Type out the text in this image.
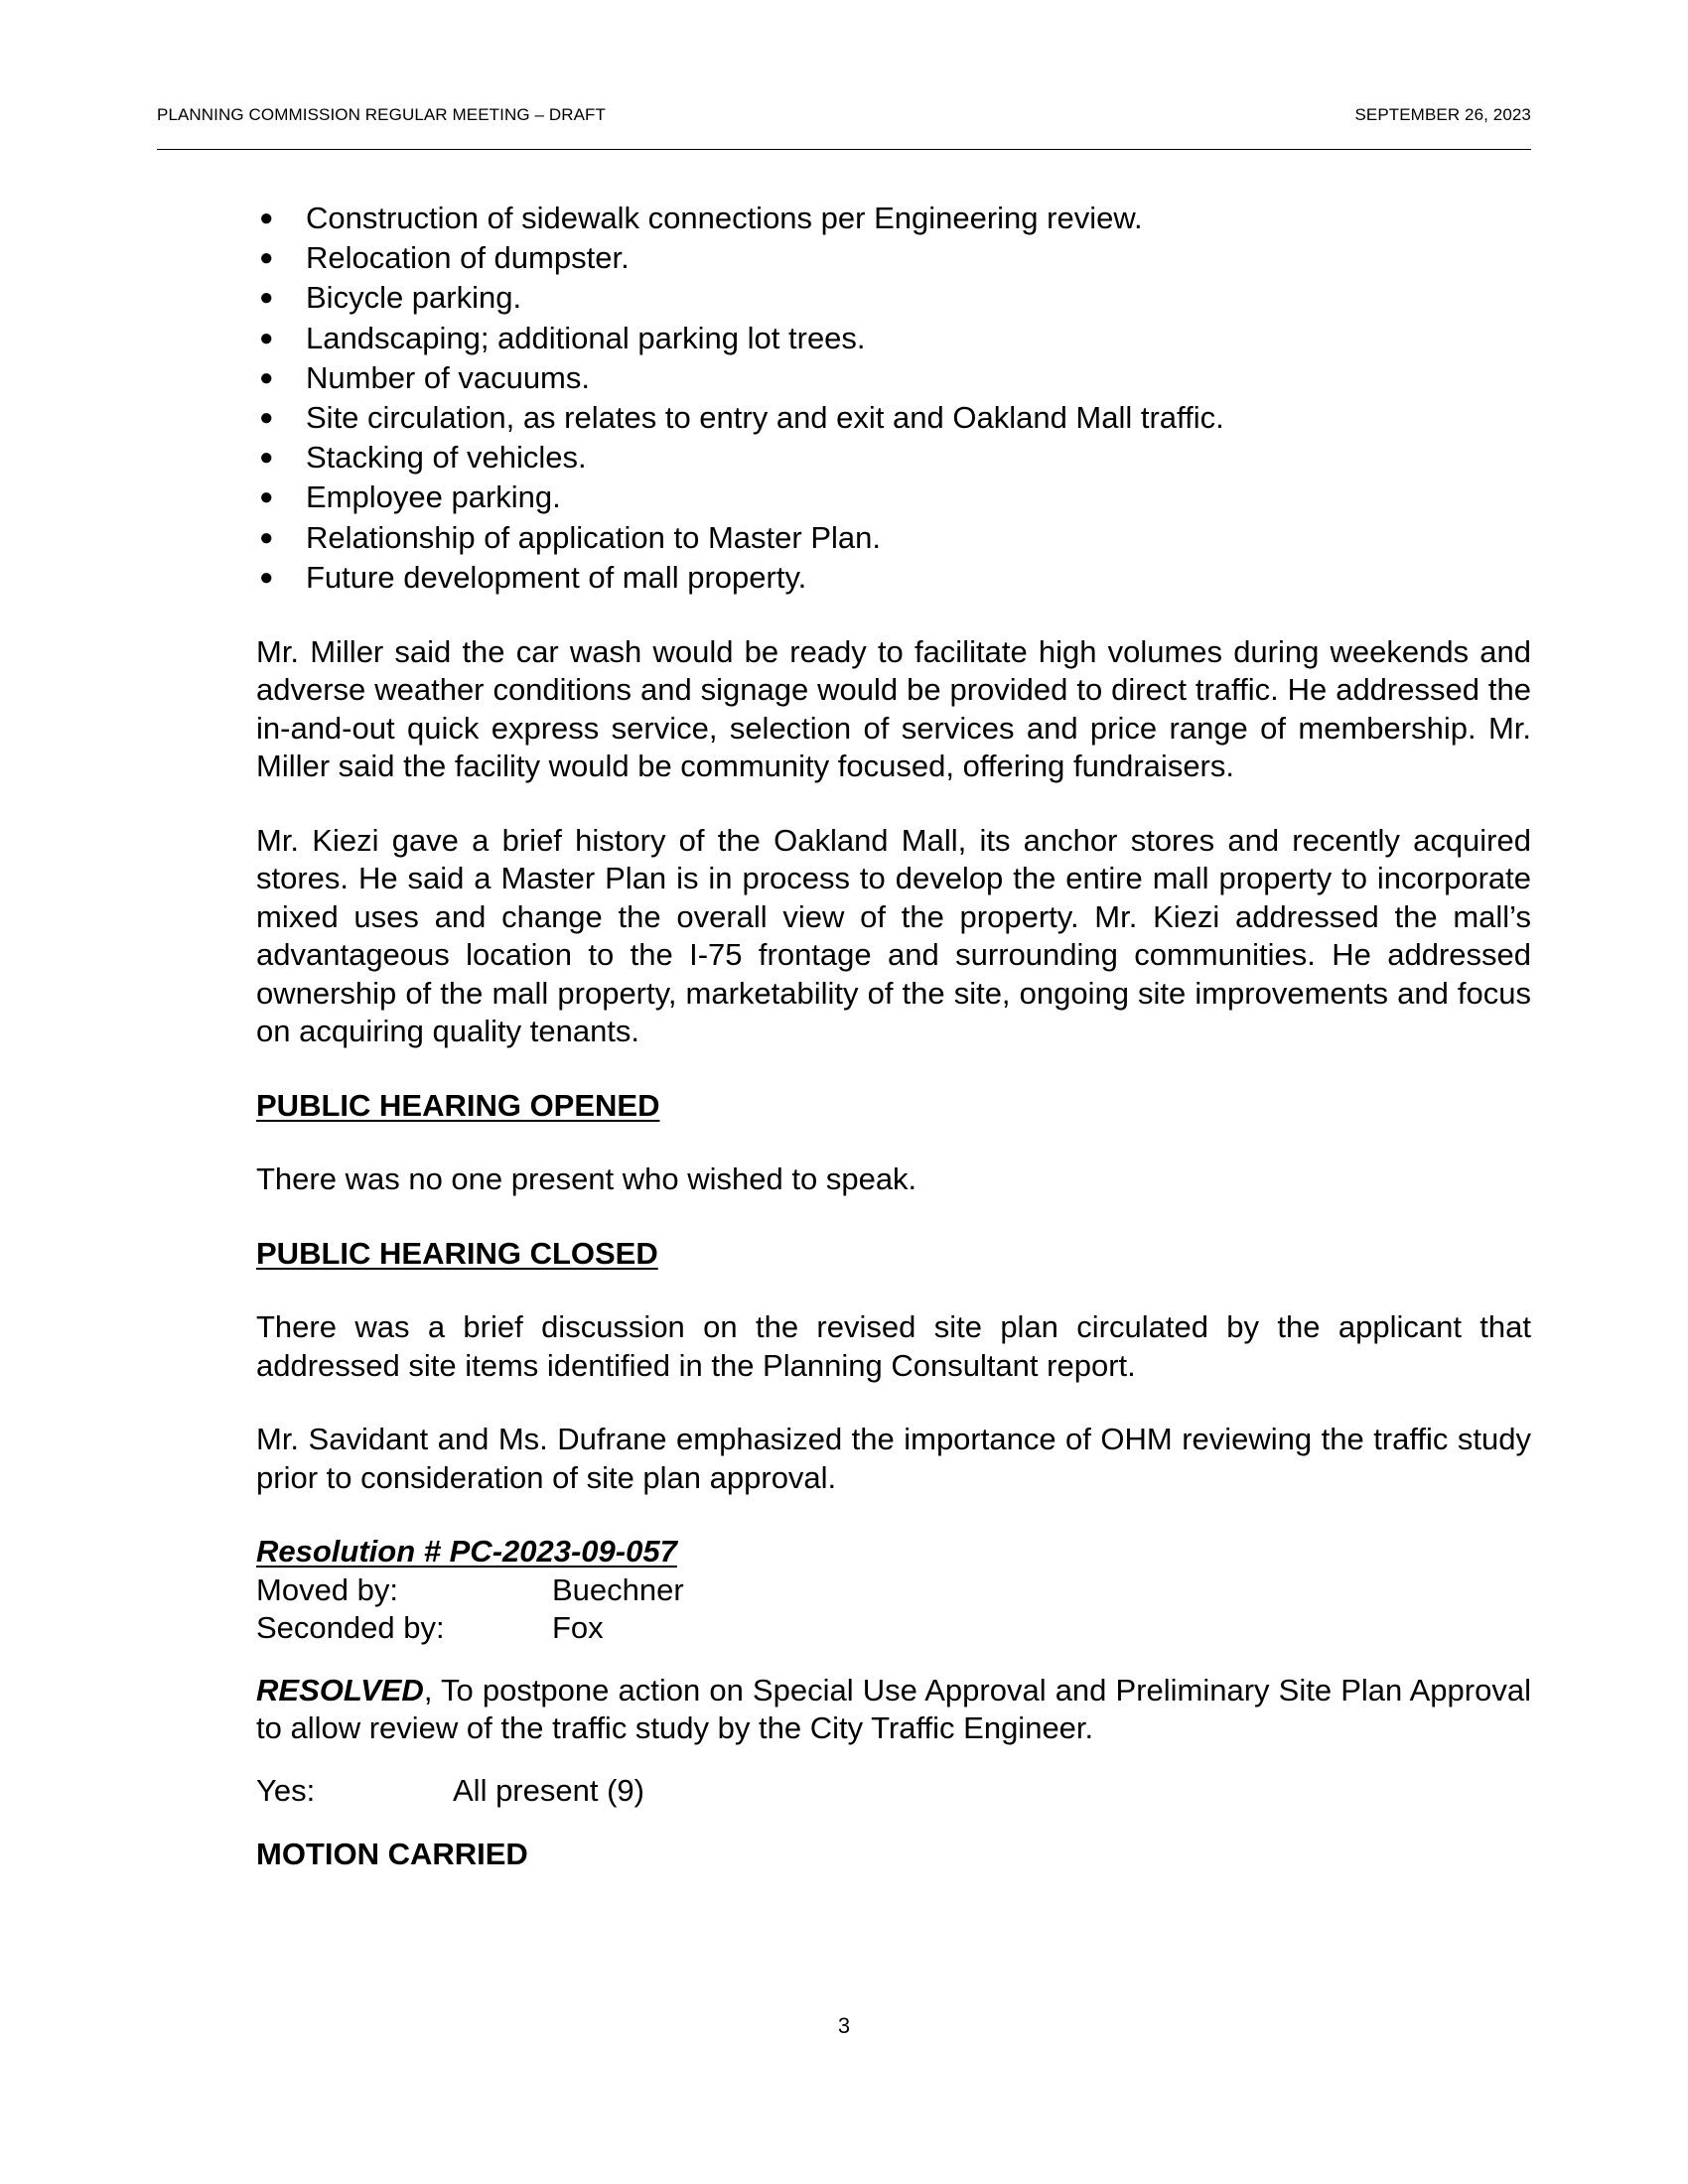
PLANNING COMMISSION REGULAR MEETING – DRAFT	SEPTEMBER 26, 2023
● Construction of sidewalk connections per Engineering review.
● Relocation of dumpster.
● Bicycle parking.
● Landscaping; additional parking lot trees.
● Number of vacuums.
● Site circulation, as relates to entry and exit and Oakland Mall traffic.
● Stacking of vehicles.
● Employee parking.
● Relationship of application to Master Plan.
● Future development of mall property.

Mr. Miller said the car wash would be ready to facilitate high volumes during weekends and adverse weather conditions and signage would be provided to direct traffic. He addressed the in-and-out quick express service, selection of services and price range of membership. Mr. Miller said the facility would be community focused, offering fundraisers.

Mr. Kiezi gave a brief history of the Oakland Mall, its anchor stores and recently acquired stores. He said a Master Plan is in process to develop the entire mall property to incorporate mixed uses and change the overall view of the property. Mr. Kiezi addressed the mall’s advantageous location to the I-75 frontage and surrounding communities. He addressed ownership of the mall property, marketability of the site, ongoing site improvements and focus on acquiring quality tenants.

PUBLIC HEARING OPENED

There was no one present who wished to speak.

PUBLIC HEARING CLOSED

There was a brief discussion on the revised site plan circulated by the applicant that addressed site items identified in the Planning Consultant report.

Mr. Savidant and Ms. Dufrane emphasized the importance of OHM reviewing the traffic study prior to consideration of site plan approval.

Resolution # PC-2023-09-057
Moved by:	Buechner
Seconded by:	Fox

RESOLVED, To postpone action on Special Use Approval and Preliminary Site Plan Approval to allow review of the traffic study by the City Traffic Engineer.

Yes:	All present (9)
MOTION CARRIED
3
